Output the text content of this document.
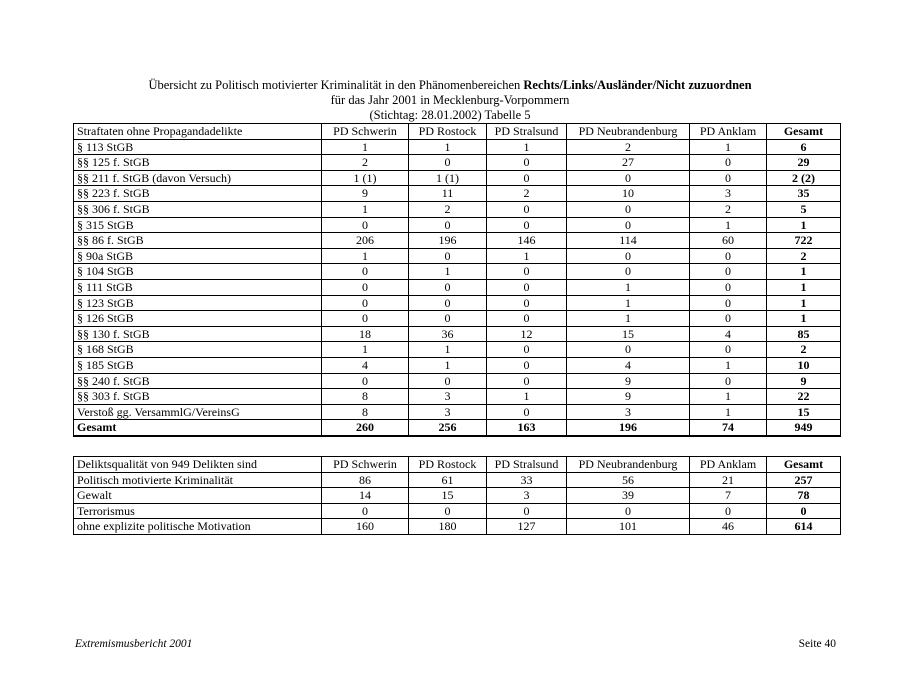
Übersicht zu Politisch motivierter Kriminalität in den Phänomenbereichen Rechts/Links/Ausländer/Nicht zuzuordnen
für das Jahr 2001 in Mecklenburg-Vorpommern
(Stichtag: 28.01.2002) Tabelle 5
Straftaten ohne Propagandadelikte	PD Schwerin	PD Rostock	PD Stralsund	PD Neubrandenburg	PD Anklam	Gesamt
§ 113 StGB	1	1	1	2	1	6
§§ 125 f. StGB	2	0	0	27	0	29
§§ 211 f. StGB (davon Versuch)	1 (1)	1 (1)	0	0	0	2 (2)
§§ 223 f. StGB	9	11	2	10	3	35
§§ 306 f. StGB	1	2	0	0	2	5
§ 315 StGB	0	0	0	0	1	1
§§ 86 f. StGB	206	196	146	114	60	722
§ 90a StGB	1	0	1	0	0	2
§ 104 StGB	0	1	0	0	0	1
§ 111 StGB	0	0	0	1	0	1
§ 123 StGB	0	0	0	1	0	1
§ 126 StGB	0	0	0	1	0	1
§§ 130 f. StGB	18	36	12	15	4	85
§ 168 StGB	1	1	0	0	0	2
§ 185 StGB	4	1	0	4	1	10
§§ 240 f. StGB	0	0	0	9	0	9
§§ 303 f. StGB	8	3	1	9	1	22
Verstoß gg. VersammlG/VereinsG	8	3	0	3	1	15
Gesamt	260	256	163	196	74	949
Deliktsqualität von 949 Delikten sind	PD Schwerin	PD Rostock	PD Stralsund	PD Neubrandenburg	PD Anklam	Gesamt
Politisch motivierte Kriminalität	86	61	33	56	21	257
Gewalt	14	15	3	39	7	78
Terrorismus	0	0	0	0	0	0
ohne explizite politische Motivation	160	180	127	101	46	614
Extremismusbericht 2001	Seite 40
